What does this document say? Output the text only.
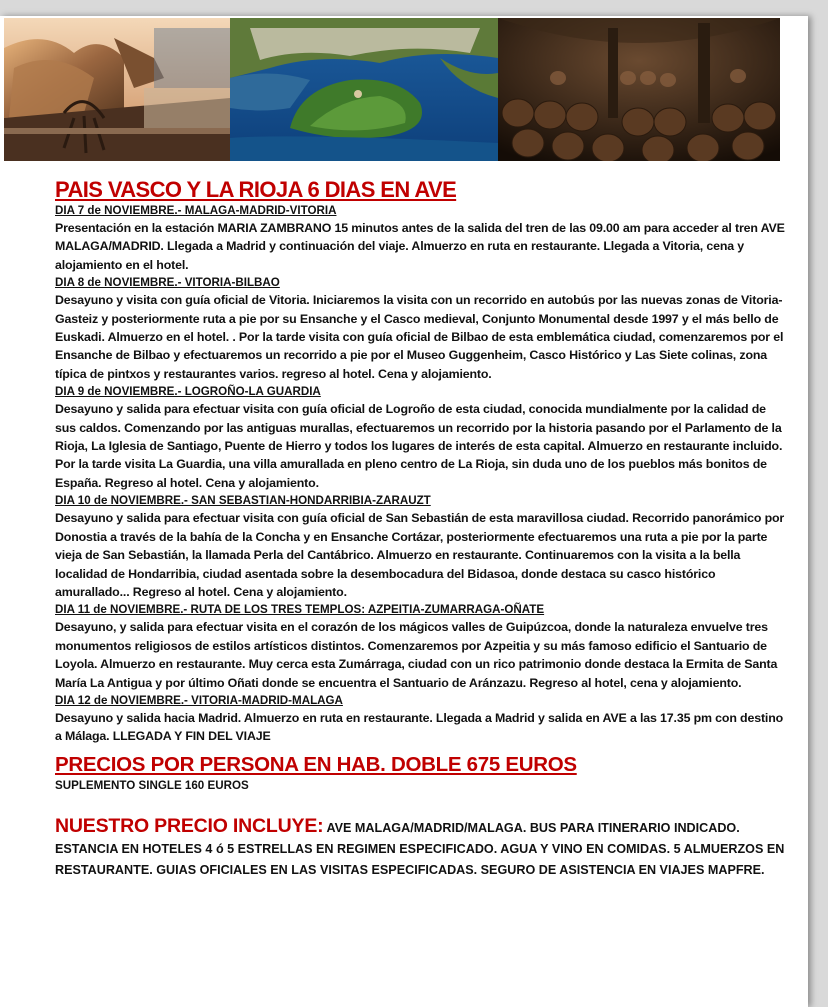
PAIS VASCO Y LA RIOJA 6 DIAS EN AVE
DIA 7 de NOVIEMBRE.- MALAGA-MADRID-VITORIA

Presentación en la estación MARIA ZAMBRANO 15 minutos antes de la salida del tren de las 09.00 am para acceder al tren AVE MALAGA/MADRID. Llegada a Madrid y continuación del viaje. Almuerzo en ruta en restaurante. Llegada a Vitoria, cena y alojamiento en el hotel.

DIA 8 de NOVIEMBRE.- VITORIA-BILBAO

Desayuno y visita con guía oficial de Vitoria. Iniciaremos la visita con un recorrido en autobús por las nuevas zonas de Vitoria-Gasteiz y posteriormente ruta a pie por su Ensanche y el Casco medieval, Conjunto Monumental desde 1997 y el más bello de Euskadi. Almuerzo en el hotel. . Por la tarde visita con guía oficial de Bilbao de esta emblemática ciudad, comenzaremos por el Ensanche de Bilbao y efectuaremos un recorrido a pie por el Museo Guggenheim, Casco Histórico y Las Siete colinas, zona típica de pintxos y restaurantes varios. regreso al hotel. Cena y alojamiento.

DIA 9 de NOVIEMBRE.- LOGROÑO-LA GUARDIA

Desayuno y salida para efectuar visita con guía oficial de Logroño de esta ciudad, conocida mundialmente por la calidad de sus caldos. Comenzando por las antiguas murallas, efectuaremos un recorrido por la historia pasando por el Parlamento de la Rioja, La Iglesia de Santiago, Puente de Hierro y todos los lugares de interés de esta capital. Almuerzo en restaurante incluido. Por la tarde visita La Guardia, una villa amurallada en pleno centro de La Rioja, sin duda uno de los pueblos más bonitos de España. Regreso al hotel. Cena y alojamiento.

DIA 10 de NOVIEMBRE.- SAN SEBASTIAN-HONDARRIBIA-ZARAUZT

Desayuno y salida para efectuar visita con guía oficial de San Sebastián de esta maravillosa ciudad. Recorrido panorámico por Donostia a través de la bahía de la Concha y en Ensanche Cortázar, posteriormente efectuaremos una ruta a pie por la parte vieja de San Sebastián, la llamada Perla del Cantábrico. Almuerzo en restaurante. Continuaremos con la visita a la bella localidad de Hondarribia, ciudad asentada sobre la desembocadura del Bidasoa, donde destaca su casco histórico amurallado... Regreso al hotel. Cena y alojamiento.

DIA 11 de NOVIEMBRE.- RUTA DE LOS TRES TEMPLOS: AZPEITIA-ZUMARRAGA-OÑATE

Desayuno, y salida para efectuar visita en el corazón de los mágicos valles de Guipúzcoa, donde la naturaleza envuelve tres monumentos religiosos de estilos artísticos distintos. Comenzaremos por Azpeitia y su más famoso edificio el Santuario de Loyola. Almuerzo en restaurante. Muy cerca esta Zumárraga, ciudad con un rico patrimonio donde destaca la Ermita de Santa María La Antigua y por último Oñati donde se encuentra el Santuario de Aránzazu. Regreso al hotel, cena y alojamiento.

DIA 12 de NOVIEMBRE.- VITORIA-MADRID-MALAGA

Desayuno y salida hacia Madrid. Almuerzo en ruta en restaurante. Llegada a Madrid y salida en AVE a las 17.35 pm con destino a Málaga. LLEGADA Y FIN DEL VIAJE

PRECIOS POR PERSONA EN HAB. DOBLE 675 EUROS

SUPLEMENTO SINGLE 160 EUROS

NUESTRO PRECIO INCLUYE: AVE MALAGA/MADRID/MALAGA. BUS PARA ITINERARIO INDICADO. ESTANCIA EN HOTELES 4 ó 5 ESTRELLAS EN REGIMEN ESPECIFICADO. AGUA Y VINO EN COMIDAS. 5 ALMUERZOS EN RESTAURANTE. GUIAS OFICIALES EN LAS VISITAS ESPECIFICADAS. SEGURO DE ASISTENCIA EN VIAJES MAPFRE.
